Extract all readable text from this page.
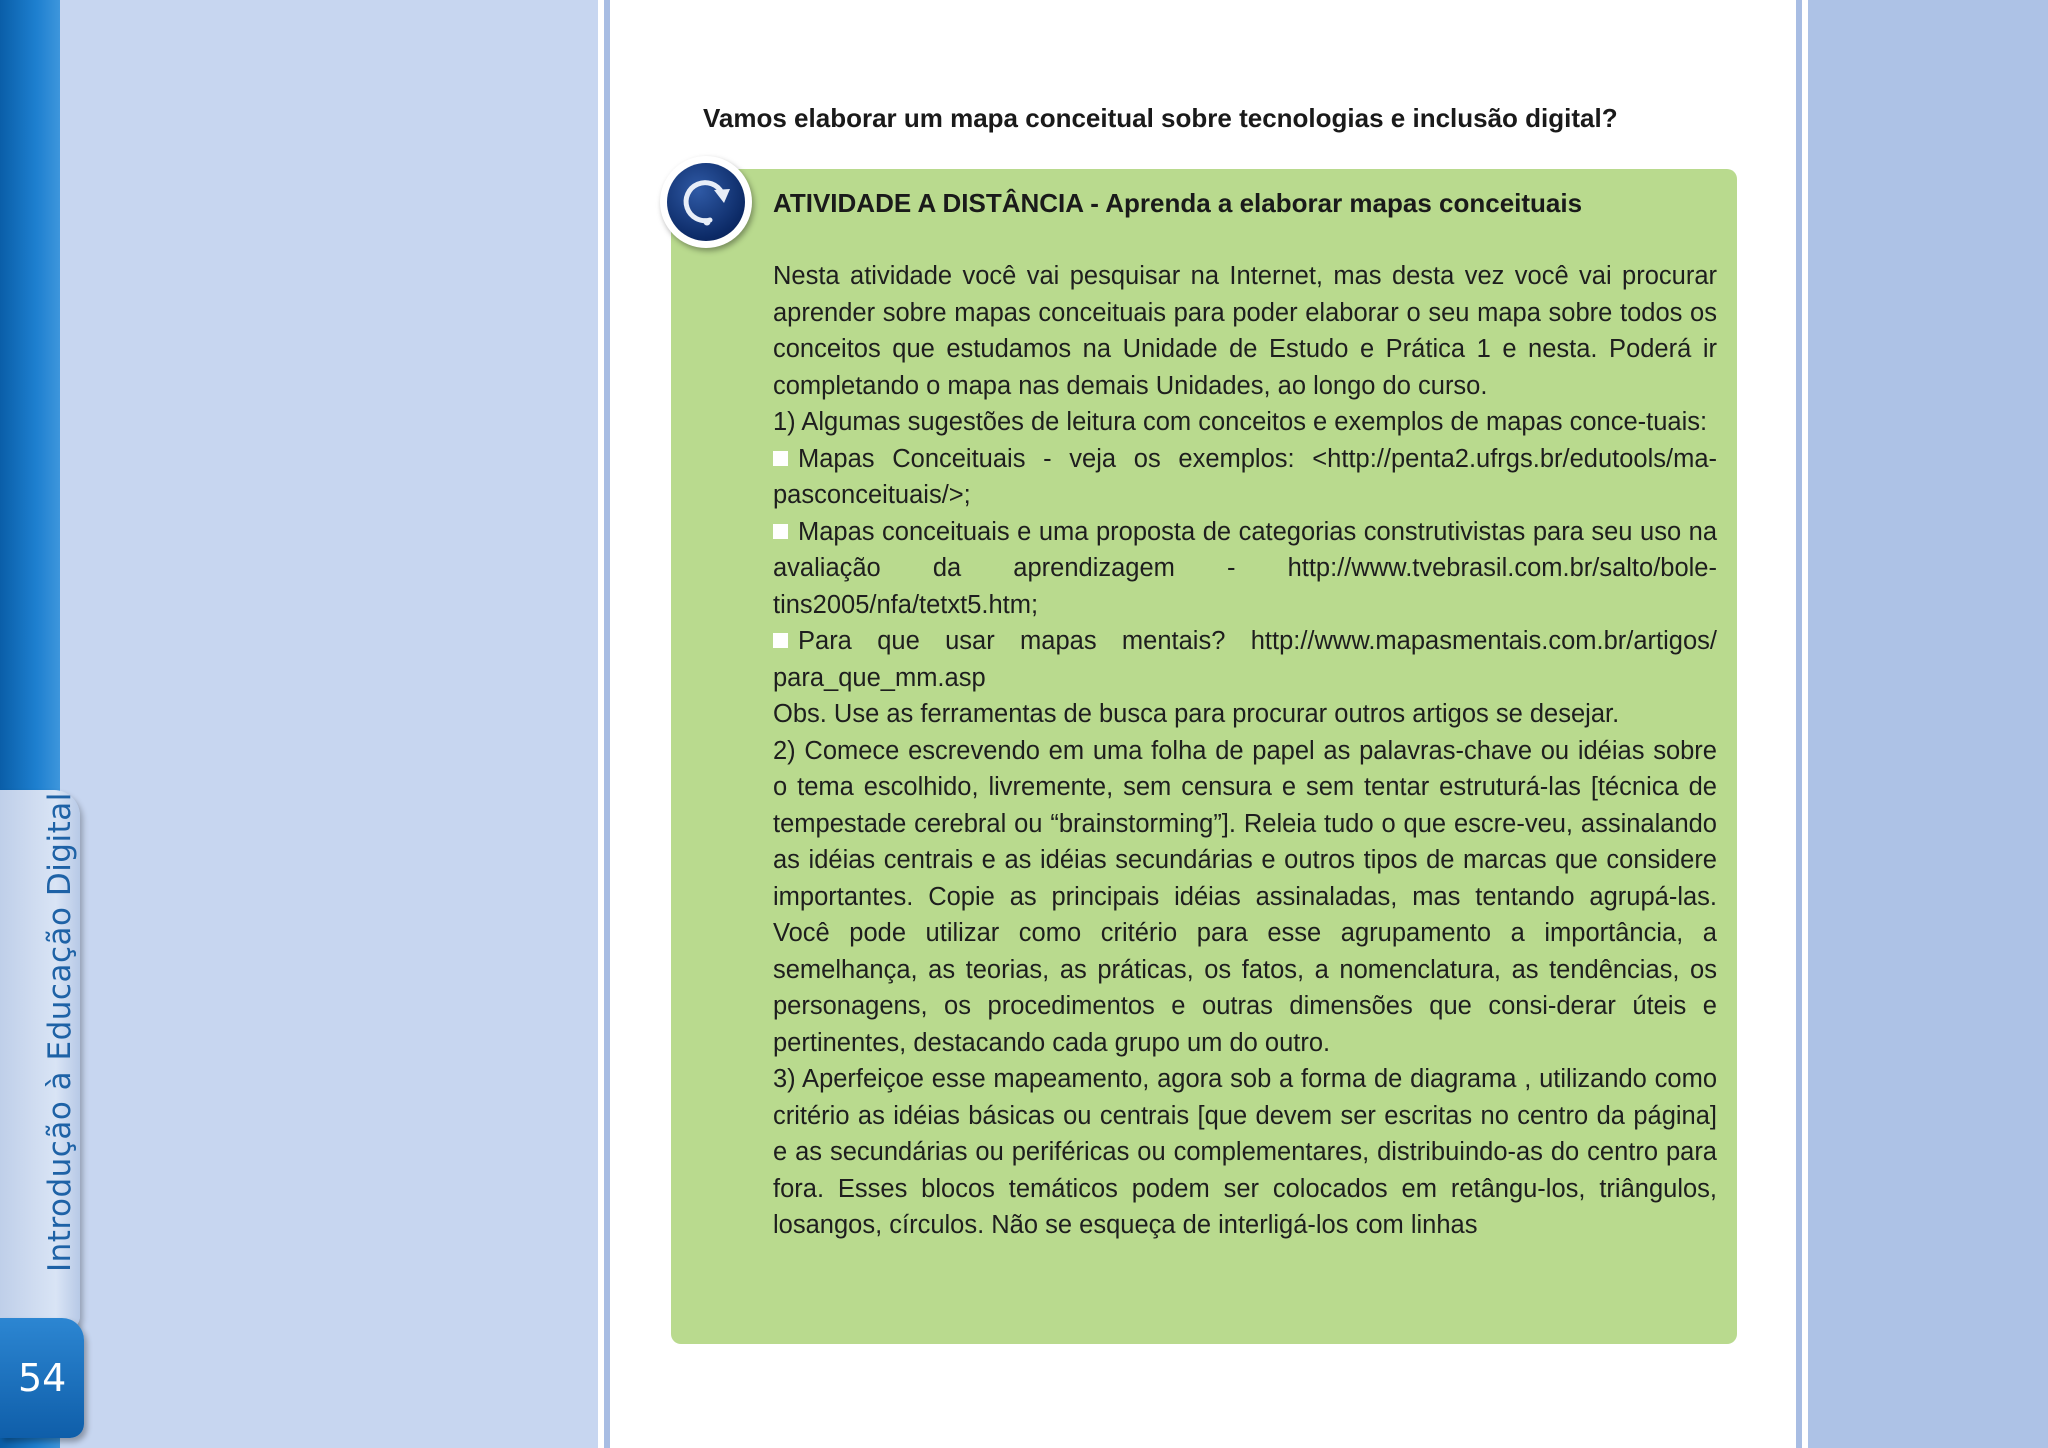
Introdução à Educação Digital
54
Vamos elaborar um mapa conceitual sobre tecnologias e inclusão digital?
ATIVIDADE A DISTÂNCIA - Aprenda a elaborar mapas conceituais

Nesta atividade você vai pesquisar na Internet, mas desta vez você vai procurar aprender sobre mapas conceituais para poder elaborar o seu mapa sobre todos os conceitos que estudamos na Unidade de Estudo e Prática 1 e nesta. Poderá ir completando o mapa nas demais Unidades, ao longo do curso.

1) Algumas sugestões de leitura com conceitos e exemplos de mapas conce-tuais:

Mapas Conceituais - veja os exemplos: <http://penta2.ufrgs.br/edutools/ma-pasconceituais/>;

Mapas conceituais e uma proposta de categorias construtivistas para seu uso na avaliação da aprendizagem - http://www.tvebrasil.com.br/salto/bole-tins2005/nfa/tetxt5.htm;

Para que usar mapas mentais? http://www.mapasmentais.com.br/artigos/ para_que_mm.asp

Obs. Use as ferramentas de busca para procurar outros artigos se desejar.

2) Comece escrevendo em uma folha de papel as palavras-chave ou idéias sobre o tema escolhido, livremente, sem censura e sem tentar estruturá-las [técnica de tempestade cerebral ou “brainstorming”]. Releia tudo o que escre-veu, assinalando as idéias centrais e as idéias secundárias e outros tipos de marcas que considere importantes. Copie as principais idéias assinaladas, mas tentando agrupá-las. Você pode utilizar como critério para esse agrupamento a importância, a semelhança, as teorias, as práticas, os fatos, a nomenclatura, as tendências, os personagens, os procedimentos e outras dimensões que consi-derar úteis e pertinentes, destacando cada grupo um do outro.

3) Aperfeiçoe esse mapeamento, agora sob a forma de diagrama , utilizando como critério as idéias básicas ou centrais [que devem ser escritas no centro da página] e as secundárias ou periféricas ou complementares, distribuindo-as do centro para fora. Esses blocos temáticos podem ser colocados em retângu-los, triângulos, losangos, círculos. Não se esqueça de interligá-los com linhas
